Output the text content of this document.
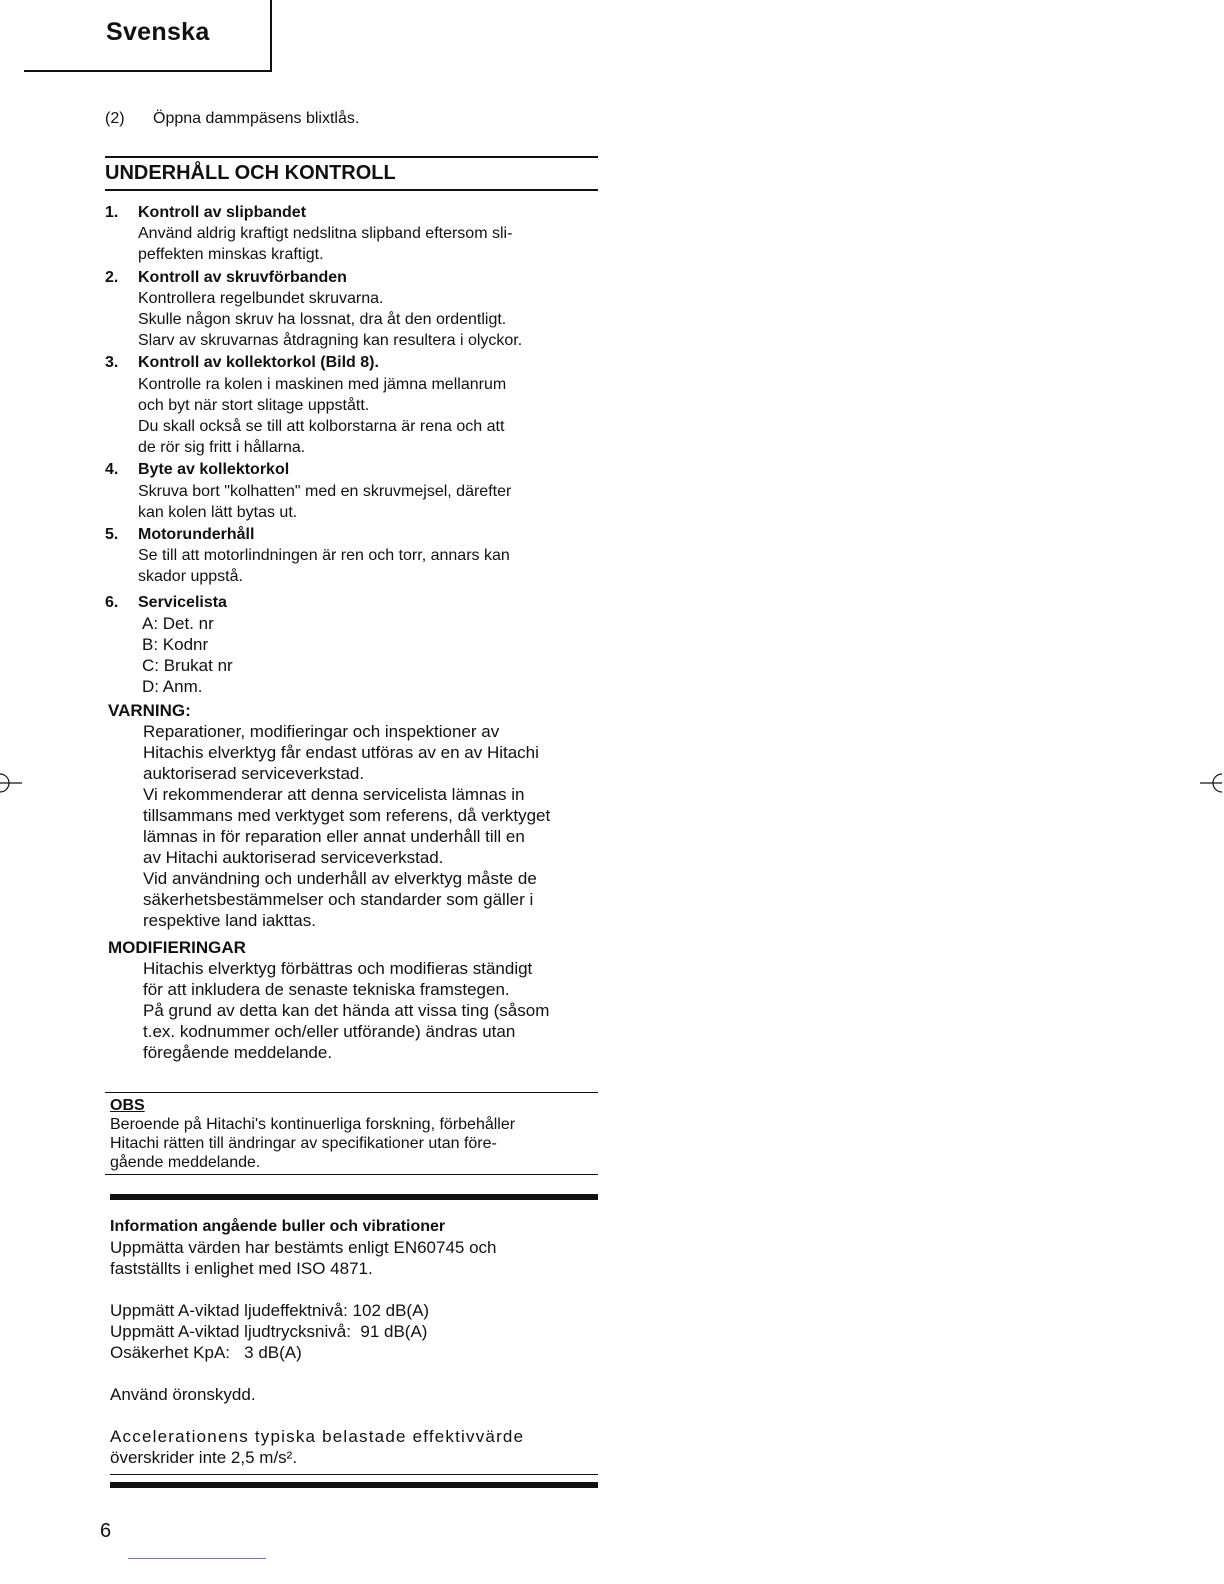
Svenska
(2) Öppna dammpäsens blixtlås.
UNDERHÅLL OCH KONTROLL
1. Kontroll av slipbandet
Använd aldrig kraftigt nedslitna slipband eftersom sli-
peffekten minskas kraftigt.
2. Kontroll av skruvförbanden
Kontrollera regelbundet skruvarna.
Skulle någon skruv ha lossnat, dra åt den ordentligt.
Slarv av skruvarnas åtdragning kan resultera i olyckor.
3. Kontroll av kollektorkol (Bild 8).
Kontrolle ra kolen i maskinen med jämna mellanrum
och byt när stort slitage uppstått.
Du skall också se till att kolborstarna är rena och att
de rör sig fritt i hållarna.
4. Byte av kollektorkol
Skruva bort "kolhatten" med en skruvmejsel, därefter
kan kolen lätt bytas ut.
5. Motorunderhåll
Se till att motorlindningen är ren och torr, annars kan
skador uppstå.
6. Servicelista
A: Det. nr
B: Kodnr
C: Brukat nr
D: Anm.
VARNING:
Reparationer, modifieringar och inspektioner av
Hitachis elverktyg får endast utföras av en av Hitachi
auktoriserad serviceverkstad.
Vi rekommenderar att denna servicelista lämnas in
tillsammans med verktyget som referens, då verktyget
lämnas in för reparation eller annat underhåll till en
av Hitachi auktoriserad serviceverkstad.
Vid användning och underhåll av elverktyg måste de
säkerhetsbestämmelser och standarder som gäller i
respektive land iakttas.
MODIFIERINGAR
Hitachis elverktyg förbättras och modifieras ständigt
för att inkludera de senaste tekniska framstegen.
På grund av detta kan det hända att vissa ting (såsom
t.ex. kodnummer och/eller utförande) ändras utan
föregående meddelande.
OBS
Beroende på Hitachi's kontinuerliga forskning, förbehåller
Hitachi rätten till ändringar av specifikationer utan före-
gående meddelande.
Information angående buller och vibrationer
Uppmätta värden har bestämts enligt EN60745 och
fastställts i enlighet med ISO 4871.
Uppmätt A-viktad ljudeffektnivå: 102 dB(A)
Uppmätt A-viktad ljudtrycksnivå:  91 dB(A)
Osäkerhet KpA:   3 dB(A)
Använd öronskydd.
Accelerationens typiska belastade effektivvärde
överskrider inte 2,5 m/s².
6
